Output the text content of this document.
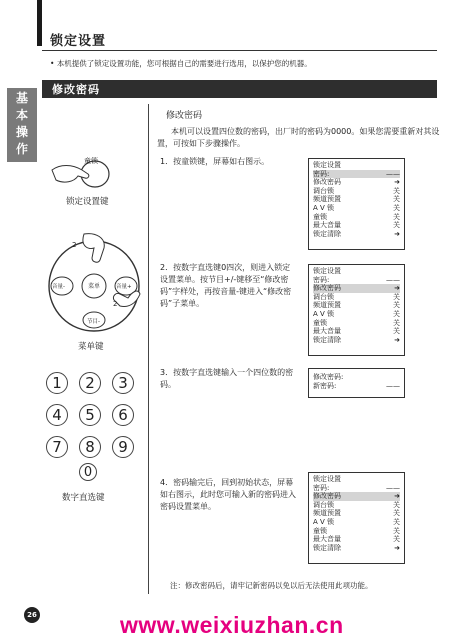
锁定设置
• 本机提供了锁定设置功能，您可根据自己的需要进行选用，以保护您的机器。
基
本
操
作
修改密码
修改密码
本机可以设置四位数的密码，出厂时的密码为0000。如果您需要重新对其设置，可按如下步骤操作。
童锁
锁定设置键
菜单
音量-	音量+
节目-
2
2
菜单键
1	2	3
4	5	6
7	8	9
0
数字直选键
1．按童锁键，屏幕如右图示。
2．按数字直选键0四次，则进入锁定设置菜单。按节目+/-键移至“修改密码”字样处，再按音量-键进入“修改密码”子菜单。
3．按数字直选键输入一个四位数的密码。
4．密码输完后，回到初始状态，屏幕如右图示，此时您可输入新的密码进入密码设置菜单。
锁定设置
密码:	——
修改密码	➜
调台锁	关
频道预置	关
A V 锁	关
童锁	关
最大音量	关
锁定清除	➜
锁定设置
密码:	——
修改密码	➜
调台锁	关
频道预置	关
A V 锁	关
童锁	关
最大音量	关
锁定清除	➜
修改密码:
新密码:	——
锁定设置
密码:	——
修改密码	➜
调台锁	关
频道预置	关
A V 锁	关
童锁	关
最大音量	关
锁定清除	➜
注：修改密码后，请牢记新密码以免以后无法使用此项功能。
26	www.weixiuzhan.cn
